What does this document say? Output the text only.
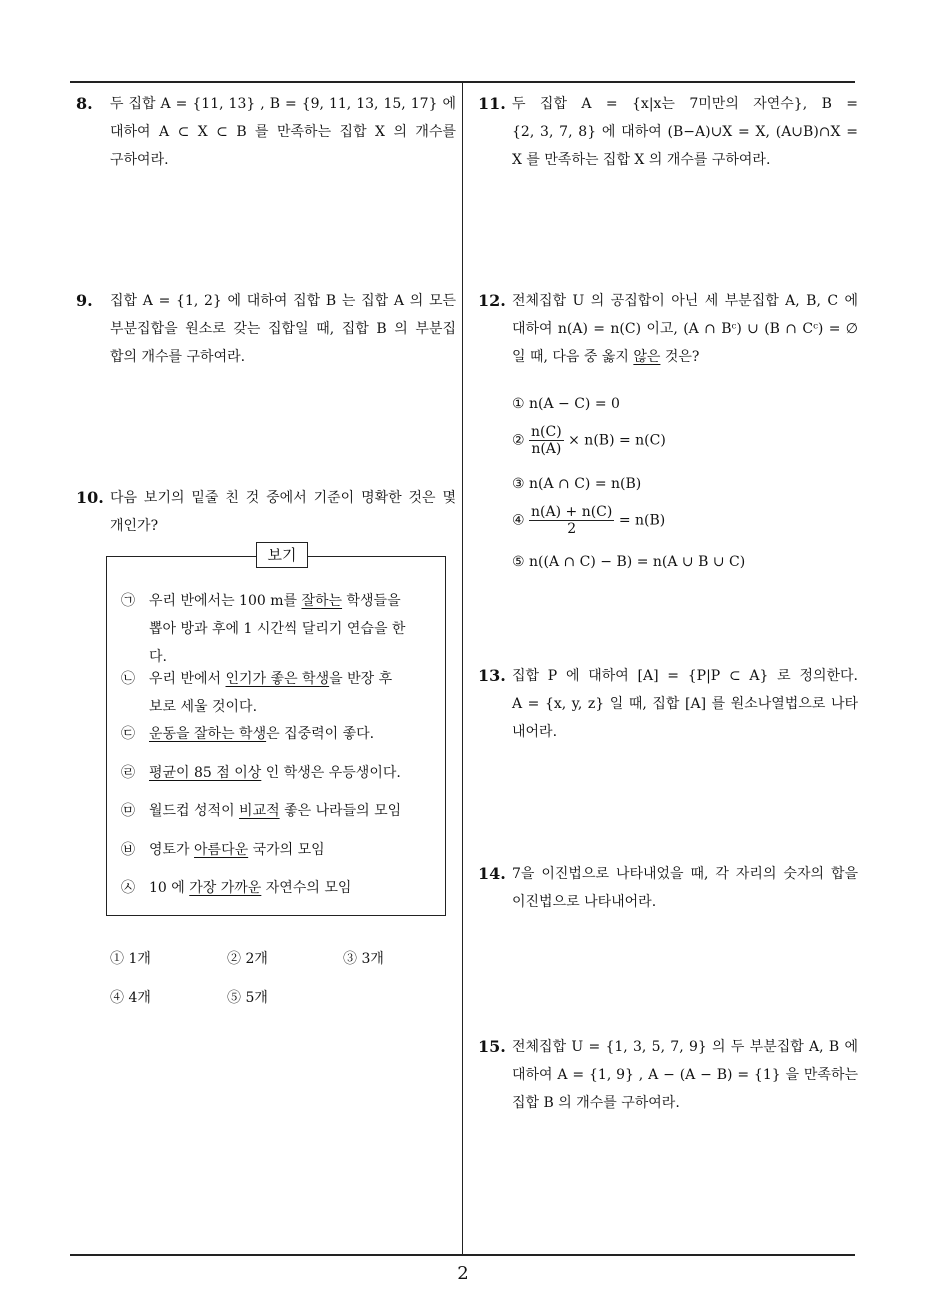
8. 두 집합 A = {11, 13} , B = {9, 11, 13, 15, 17} 에

대하여 A ⊂ X ⊂ B 를 만족하는 집합 X 의 개수를

구하여라.

9. 집합 A = {1, 2} 에 대하여 집합 B 는 집합 A 의 모든

부분집합을 원소로 갖는 집합일 때, 집합 B 의 부분집

합의 개수를 구하여라.

10. 다음 보기의 밑줄 친 것 중에서 기준이 명확한 것은 몇

개인가?

㉠ 우리 반에서는 100 m를 잘하는 학생들을
뽑아 방과 후에 1 시간씩 달리기 연습을 한
다.
㉡ 우리 반에서 인기가 좋은 학생을 반장 후
보로 세울 것이다.
㉢ 운동을 잘하는 학생은 집중력이 좋다.
㉣ 평균이 85 점 이상 인 학생은 우등생이다.
㉤ 월드컵 성적이 비교적 좋은 나라들의 모임
㉥ 영토가 아름다운 국가의 모임
㉦ 10 에 가장 가까운 자연수의 모임
보기
① 1개	② 2개	③ 3개
④ 4개	⑤ 5개
11. 두 집합 A = {x|x는 7미만의 자연수}, B =

{2, 3, 7, 8} 에 대하여 (B−A)∪X = X, (A∪B)∩X =

X 를 만족하는 집합 X 의 개수를 구하여라.

12. 전체집합 U 의 공집합이 아닌 세 부분집합 A, B, C 에

대하여 n(A) = n(C) 이고, (A ∩ Bᶜ) ∪ (B ∩ Cᶜ) = ∅

일 때, 다음 중 옳지 않은 것은?

① n(A − C) = 0
② $\frac{n(C)}{n(A)} \times n(B) = n(C)$
③ n(A ∩ C) = n(B)
④ $\frac{n(A) + n(C)}{2} = n(B)$
⑤ n((A ∩ C) − B) = n(A ∪ B ∪ C)
13. 집합 P 에 대하여 [A] = {P|P ⊂ A} 로 정의한다.

A = {x, y, z} 일 때, 집합 [A] 를 원소나열법으로 나타

내어라.

14. 7을 이진법으로 나타내었을 때, 각 자리의 숫자의 합을

이진법으로 나타내어라.

15. 전체집합 U = {1, 3, 5, 7, 9} 의 두 부분집합 A, B 에

대하여 A = {1, 9} , A − (A − B) = {1} 을 만족하는

집합 B 의 개수를 구하여라.

2
